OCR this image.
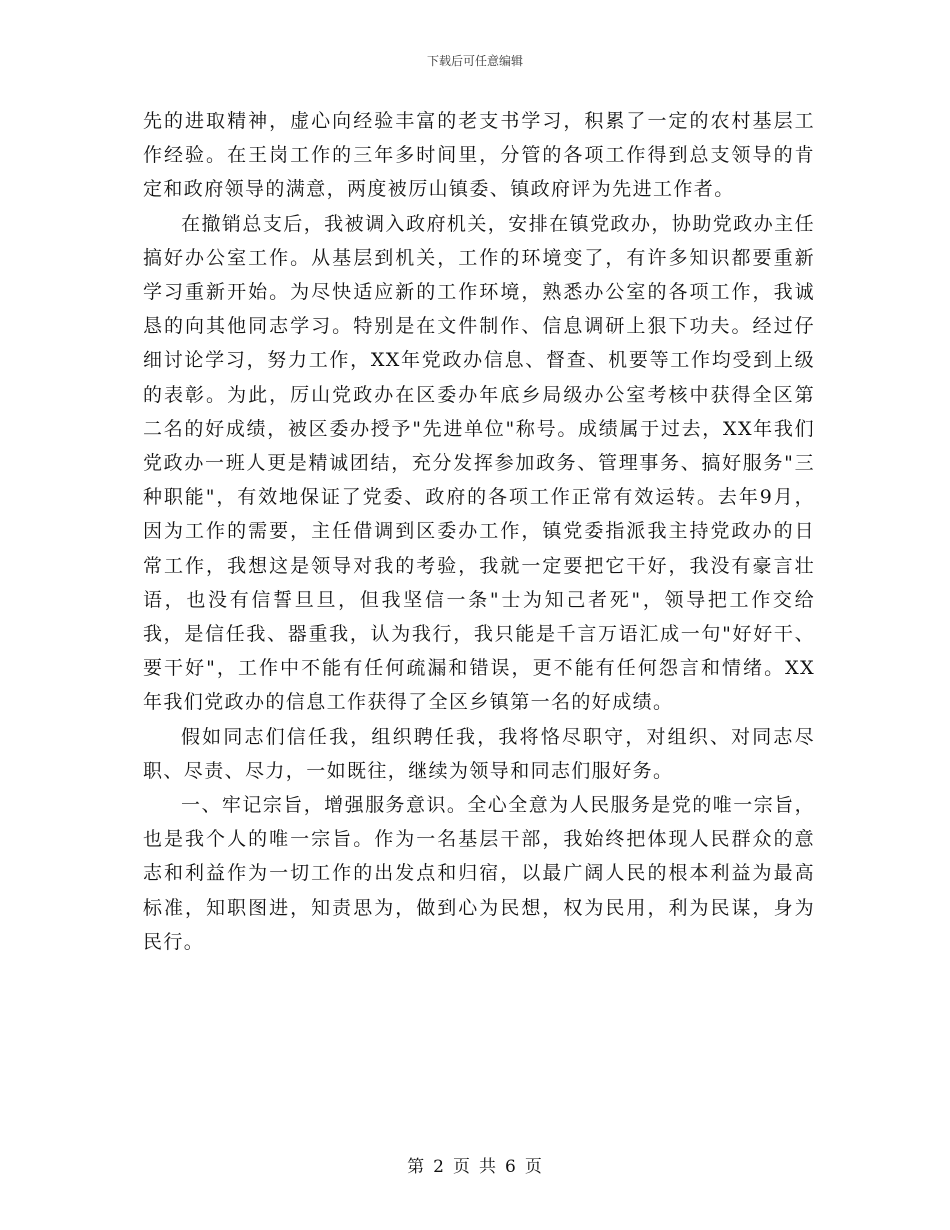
下载后可任意编辑

先的进取精神，虚心向经验丰富的老支书学习，积累了一定的农村基层工作经验。在王岗工作的三年多时间里，分管的各项工作得到总支领导的肯定和政府领导的满意，两度被厉山镇委、镇政府评为先进工作者。

在撤销总支后，我被调入政府机关，安排在镇党政办，协助党政办主任搞好办公室工作。从基层到机关，工作的环境变了，有许多知识都要重新学习重新开始。为尽快适应新的工作环境，熟悉办公室的各项工作，我诚恳的向其他同志学习。特别是在文件制作、信息调研上狠下功夫。经过仔细讨论学习，努力工作，XX年党政办信息、督查、机要等工作均受到上级的表彰。为此，厉山党政办在区委办年底乡局级办公室考核中获得全区第二名的好成绩，被区委办授予"先进单位"称号。成绩属于过去，XX年我们党政办一班人更是精诚团结，充分发挥参加政务、管理事务、搞好服务"三种职能"，有效地保证了党委、政府的各项工作正常有效运转。去年9月，因为工作的需要，主任借调到区委办工作，镇党委指派我主持党政办的日常工作，我想这是领导对我的考验，我就一定要把它干好，我没有豪言壮语，也没有信誓旦旦，但我坚信一条"士为知己者死"，领导把工作交给我，是信任我、器重我，认为我行，我只能是千言万语汇成一句"好好干、要干好"，工作中不能有任何疏漏和错误，更不能有任何怨言和情绪。XX年我们党政办的信息工作获得了全区乡镇第一名的好成绩。

假如同志们信任我，组织聘任我，我将恪尽职守，对组织、对同志尽职、尽责、尽力，一如既往，继续为领导和同志们服好务。

一、牢记宗旨，增强服务意识。全心全意为人民服务是党的唯一宗旨，也是我个人的唯一宗旨。作为一名基层干部，我始终把体现人民群众的意志和利益作为一切工作的出发点和归宿，以最广阔人民的根本利益为最高标准，知职图进，知责思为，做到心为民想，权为民用，利为民谋，身为民行。

第 2 页 共 6 页
